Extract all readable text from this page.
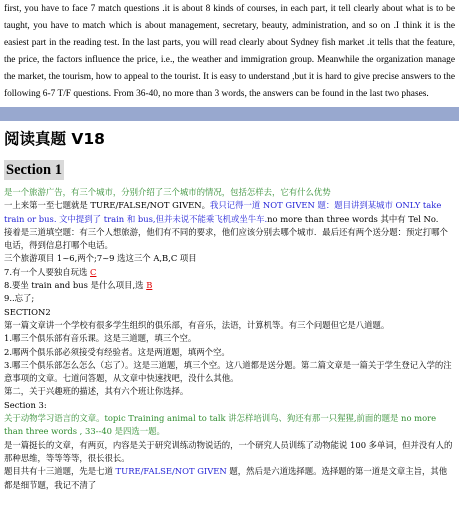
first, you have to face 7 match questions .it is about 8 kinds of courses, in each part, it tell clearly about what is to be taught, you have to match which is about management, secretary, beauty, administration, and so on .I think it is the easiest part in the reading test. In the last parts, you will read clearly about Sydney fish market .it tells that the feature, the price, the factors influence the price, i.e., the weather and immigration group. Meanwhile the organization manage the market, the tourism, how to appeal to the tourist. It is easy to understand ,but it is hard to give precise answers to the following 6-7 T/F questions. From 36-40, no more than 3 words, the answers can be found in the last two phases.

阅读真题 V18
Section 1

是一个旅游广告，有三个城市，分别介绍了三个城市的情况，包括怎样去，它有什么优势

一上来第一至七题就是 TURE/FALSE/NOT GIVEN。我只记得一道 NOT GIVEN 题：题目讲到某城市 ONLY take train or bus. 文中提到了 train 和 bus,但并未说不能乘飞机或坐牛车.no more than three words 其中有 Tel No.

接着是三道填空题：有三个人想旅游，他们有不同的要求，他们应该分别去哪个城市．最后还有两个送分题：预定打哪个电话，得到信息打哪个电话。

三个旅游项目 1~6,两个;7~9 选这三个 A,B,C 项目

7.有一个人要独自玩选 C

8.要坐 train and bus 是什么项目,选 B

9..忘了;

SECTION2

第一篇文章讲一个学校有很多学生组织的俱乐部，有音乐，法语，计算机等。有三个问题但它是八道题。

1.哪三个俱乐部有音乐课。这是三道题，填三个空。

2.哪两个俱乐部必须接受有经验者。这是两道题，填两个空。

3.哪三个俱乐部怎么怎么（忘了）。这是三道题，填三个空。这八道都是送分题。第二篇文章是一篇关于学生登记入学的注意事项的文章。七道问答题，从文章中快速找吧，没什么其他。

第二，关于兴趣班的描述，其有六个班让你选择。

Section 3:

关于动物学习语言的文章。topic Training animal to talk 讲怎样培训鸟、狗还有那一只猩猩,前面的题是 no more than three words , 33--40 是四选一题。

是一篇挺长的文章，有两页，内容是关于研究训练动物说话的，一个研究人员训练了动物能说 100 多单词，但并没有人的那种思维，等等等等，很长很长。

题目共有十三道题，先是七道 TURE/FALSE/NOT GIVEN 题，然后是六道选择题。选择题的第一道是文章主旨，其他都是细节题，我记不清了
